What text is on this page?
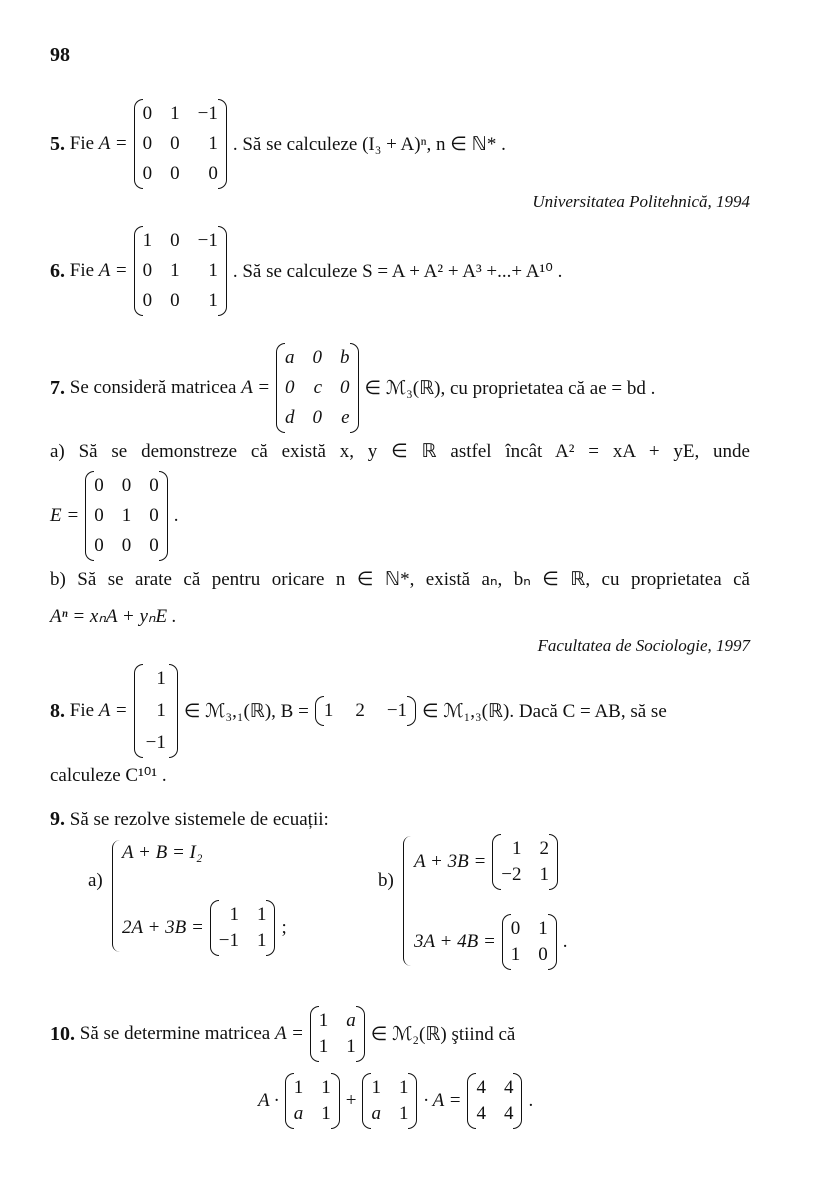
98
5. Fie A =
0 1 −1
0 0 1
0 0 0
. Să se calculeze (I₃ + A)ⁿ, n ∈ ℕ* .
Universitatea Politehnică, 1994
6. Fie A =
1 0 −1
0 1 1
0 0 1
. Să se calculeze S = A + A² + A³ +...+ A¹⁰ .
7. Se consideră matricea A =
a 0 b
0 c 0
d 0 e
∈ ℳ₃(ℝ), cu proprietatea că ae = bd .
a) Să se demonstreze că există x, y ∈ ℝ astfel încât A² = xA + yE, unde
E =
0 0 0
0 1 0
0 0 0
.
b) Să se arate că pentru oricare n ∈ ℕ*, există aₙ, bₙ ∈ ℝ, cu proprietatea că
Aⁿ = xₙA + yₙE .
Facultatea de Sociologie, 1997
8. Fie A =
1
1
−1
∈ ℳ₃,₁(ℝ), B = 1 2 −1 ∈ ℳ₁,₃(ℝ). Dacă C = AB, să se
calculeze C¹⁰¹ .
9. Să se rezolve sistemele de ecuații:
a)
A + B = I₂
2A + 3B =
1 1
−1 1
;
b)
A + 3B =
1 2
−2 1
3A + 4B =
0 1
1 0
.
10. Să se determine matricea A =
1 a
1 1
∈ ℳ₂(ℝ) ştiind că
A ·
1 1
a 1
+
1 1
a 1
· A =
4 4
4 4
.
